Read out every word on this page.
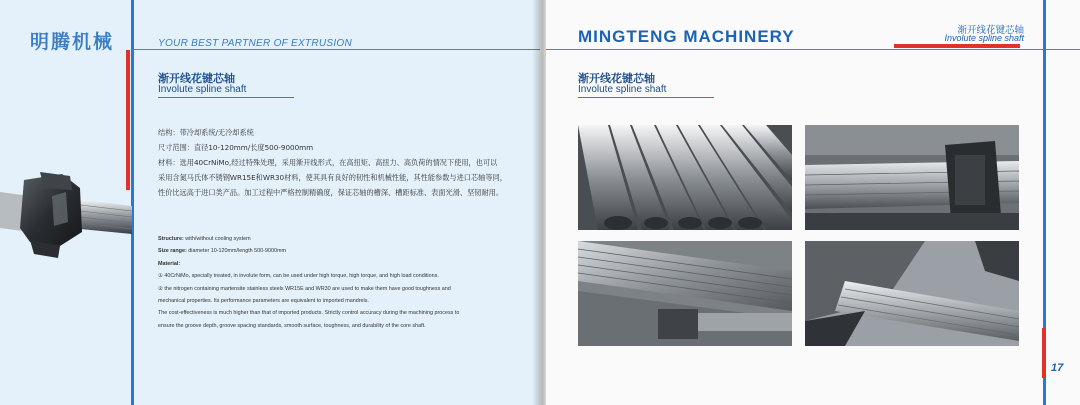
明腾机械	YOUR BEST PARTNER OF EXTRUSION
渐开线花键芯轴
Involute spline shaft

结构：带冷却系统/无冷却系统

尺寸范围：直径10-120mm/长度500-9000mm

材料：选用40CrNiMo,经过特殊处理，采用渐开线形式，在高扭矩、高扭力、高负荷的情况下使用，也可以

采用含氮马氏体不锈钢WR15E和WR30材料，使其具有良好的韧性和机械性能，其性能参数与进口芯轴等同，

性价比远高于进口类产品。加工过程中严格控制精确度，保证芯轴的槽深、槽距标准、表面光滑、坚韧耐用。

Structure: with/without cooling system

Size range: diameter 10-120mm/length 500-9000mm

Material:

① 40CrNiMo, specially treated, in involute form, can be used under high torque, high torque, and high load conditions.

② the nitrogen containing martensite stainless steels WR15E and WR30 are used to make them have good toughness and

mechanical properties. Its performance parameters are equivalent to imported mandrels.

The cost-effectiveness is much higher than that of imported products. Strictly control accuracy during the machining process to

ensure the groove depth, groove spacing standards, smooth surface, toughness, and durability of the core shaft.

MINGTENG MACHINERY	渐开线花键芯轴
Involute spline shaft
渐开线花键芯轴
Involute spline shaft
17
